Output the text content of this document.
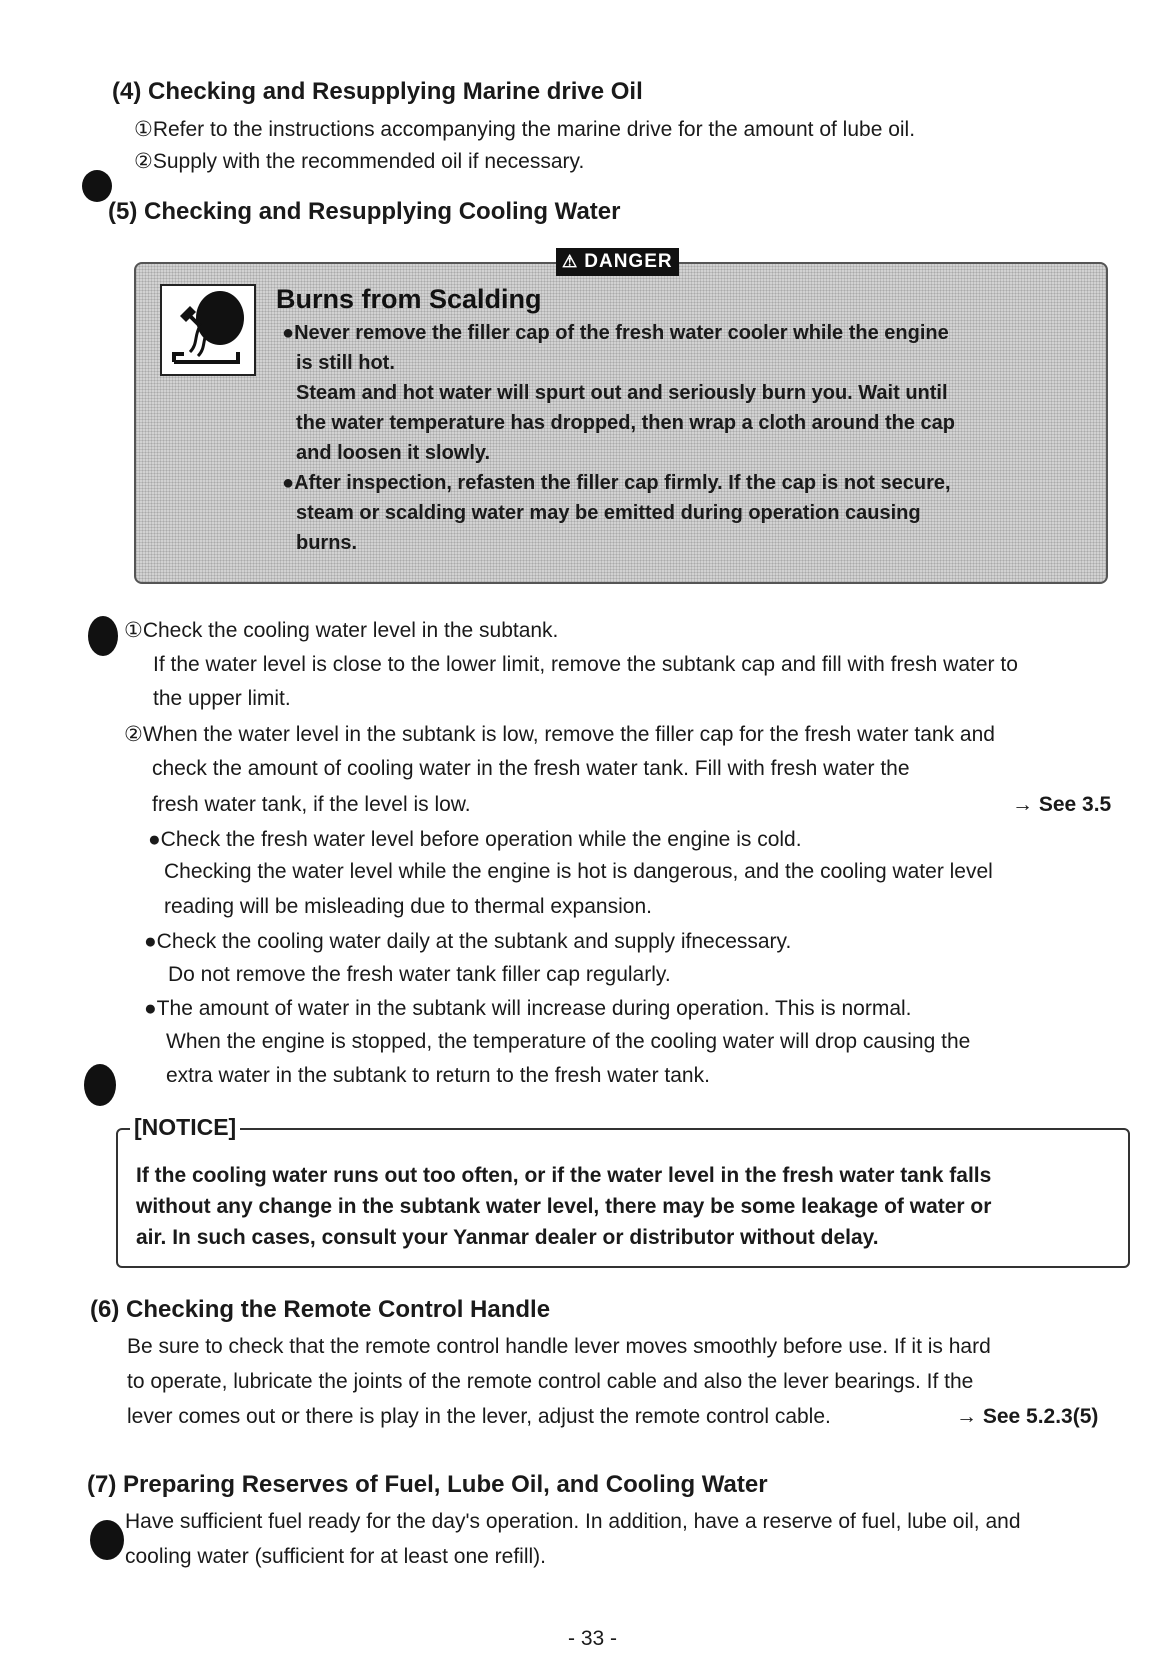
(4) Checking and Resupplying Marine drive Oil
①Refer to the instructions accompanying the marine drive for the amount of lube oil.
②Supply with the recommended oil if necessary.
(5) Checking and Resupplying Cooling Water
⚠ DANGER
Burns from Scalding
●Never remove the filler cap of the fresh water cooler while the engine
is still hot.
Steam and hot water will spurt out and seriously burn you. Wait until
the water temperature has dropped, then wrap a cloth around the cap
and loosen it slowly.
●After inspection, refasten the filler cap firmly. If the cap is not secure,
steam or scalding water may be emitted during operation causing
burns.
①Check the cooling water level in the subtank.
If the water level is close to the lower limit, remove the subtank cap and fill with fresh water to
the upper limit.
②When the water level in the subtank is low, remove the filler cap for the fresh water tank and
check the amount of cooling water in the fresh water tank. Fill with fresh water the
fresh water tank, if the level is low.	→ See 3.5
●Check the fresh water level before operation while the engine is cold.
Checking the water level while the engine is hot is dangerous, and the cooling water level
reading will be misleading due to thermal expansion.
●Check the cooling water daily at the subtank and supply ifnecessary.
Do not remove the fresh water tank filler cap regularly.
●The amount of water in the subtank will increase during operation. This is normal.
When the engine is stopped, the temperature of the cooling water will drop causing the
extra water in the subtank to return to the fresh water tank.
[NOTICE]
If the cooling water runs out too often, or if the water level in the fresh water tank falls
without any change in the subtank water level, there may be some leakage of water or
air. In such cases, consult your Yanmar dealer or distributor without delay.
(6) Checking the Remote Control Handle
Be sure to check that the remote control handle lever moves smoothly before use. If it is hard
to operate, lubricate the joints of the remote control cable and also the lever bearings. If the
lever comes out or there is play in the lever, adjust the remote control cable.	→ See 5.2.3(5)
(7) Preparing Reserves of Fuel, Lube Oil, and Cooling Water
Have sufficient fuel ready for the day's operation. In addition, have a reserve of fuel, lube oil, and
cooling water (sufficient for at least one refill).
- 33 -
